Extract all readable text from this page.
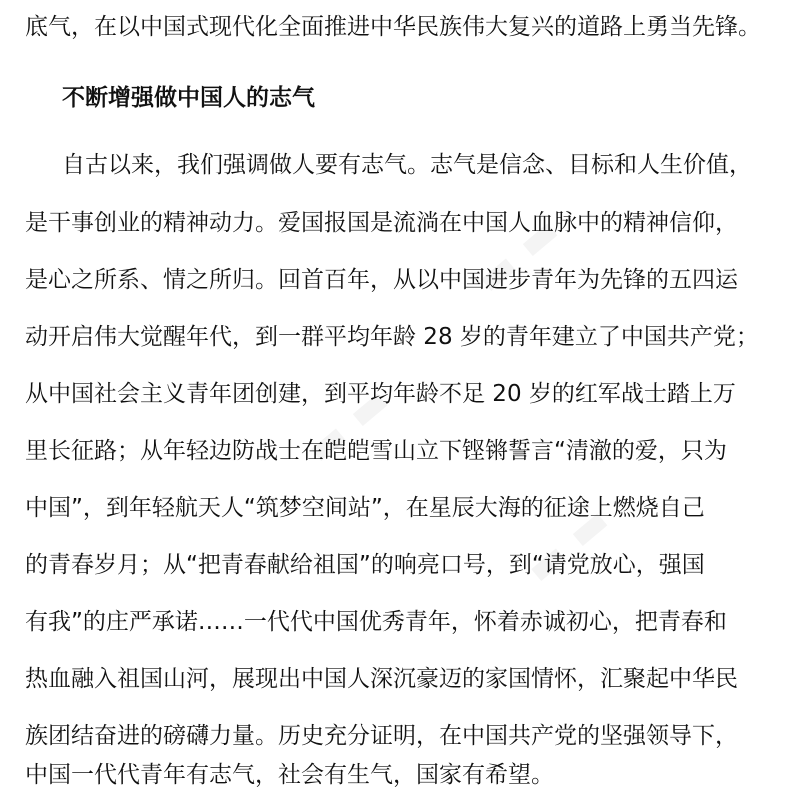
▬ ▬
▬ ▬
▬ ▬
底气，在以中国式现代化全面推进中华民族伟大复兴的道路上勇当先锋。
不断增强做中国人的志气
自古以来，我们强调做人要有志气。志气是信念、目标和人生价值，
是干事创业的精神动力。爱国报国是流淌在中国人血脉中的精神信仰，
是心之所系、情之所归。回首百年，从以中国进步青年为先锋的五四运
动开启伟大觉醒年代，到一群平均年龄 28 岁的青年建立了中国共产党；
从中国社会主义青年团创建，到平均年龄不足 20 岁的红军战士踏上万
里长征路；从年轻边防战士在皑皑雪山立下铿锵誓言“清澈的爱，只为
中国”，到年轻航天人“筑梦空间站”，在星辰大海的征途上燃烧自己
的青春岁月；从“把青春献给祖国”的响亮口号，到“请党放心，强国
有我”的庄严承诺……一代代中国优秀青年，怀着赤诚初心，把青春和
热血融入祖国山河，展现出中国人深沉豪迈的家国情怀，汇聚起中华民
族团结奋进的磅礴力量。历史充分证明，在中国共产党的坚强领导下，
中国一代代青年有志气，社会有生气，国家有希望。
